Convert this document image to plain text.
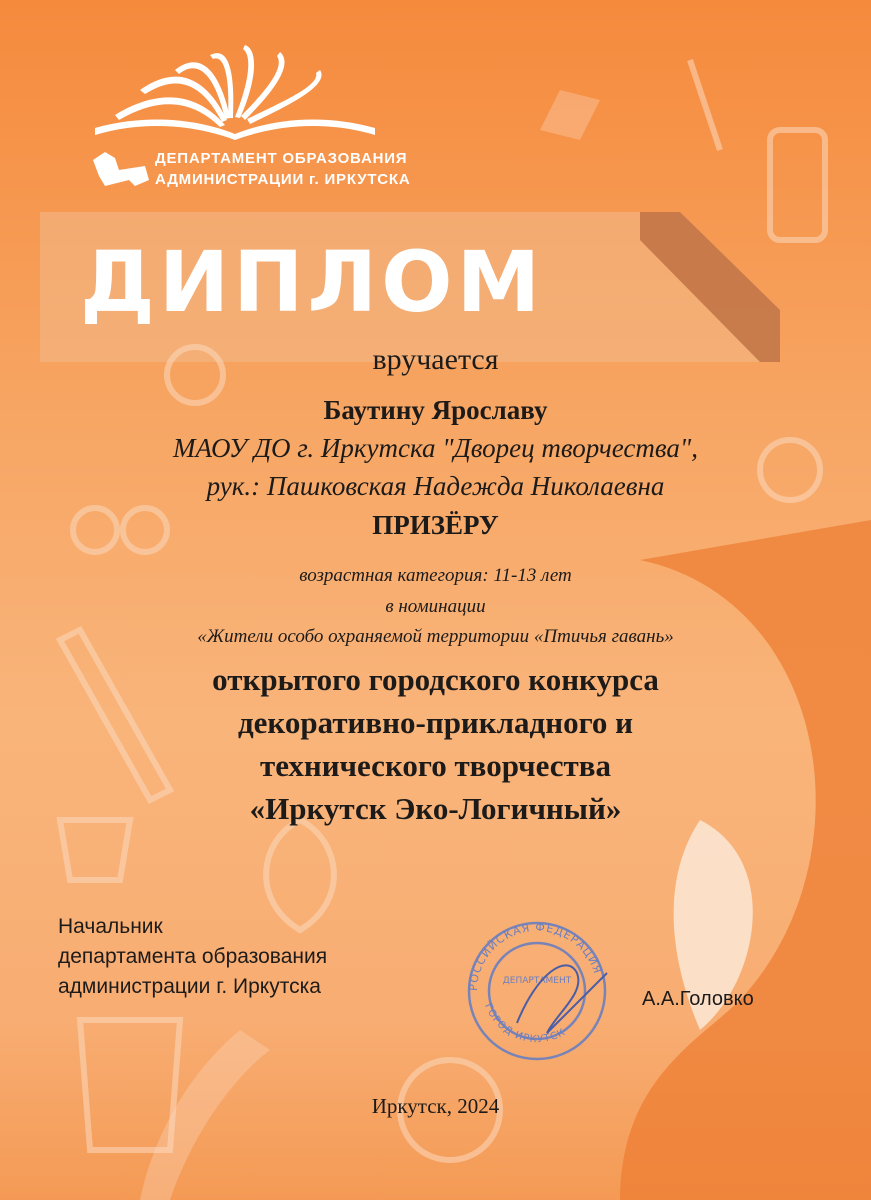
ДЕПАРТАМЕНТ ОБРАЗОВАНИЯ
АДМИНИСТРАЦИИ г. ИРКУТСКА
ДИПЛОМ
вручается
Баутину Ярославу
МАОУ ДО г. Иркутска "Дворец творчества",
рук.: Пашковская Надежда Николаевна
ПРИЗЁРУ
возрастная категория: 11-13 лет
в номинации
«Жители особо охраняемой территории «Птичья гавань»
открытого городского конкурса
декоративно-прикладного и
технического творчества
«Иркутск Эко-Логичный»
Начальник
департамента образования
администрации г. Иркутска	РОССИЙСКАЯ ФЕДЕРАЦИЯ
ГОРОД ИРКУТСК
ДЕПАРТАМЕНТ
А.А.Головко
Иркутск, 2024
